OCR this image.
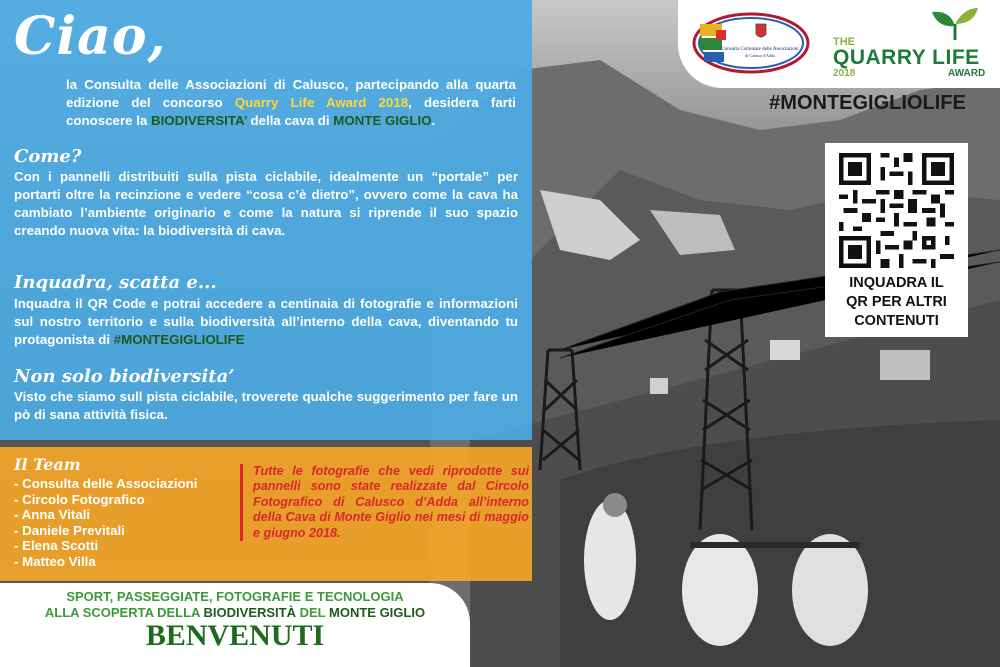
Ciao,
la Consulta delle Associazioni di Calusco, partecipando alla quarta edizione del concorso Quarry Life Award 2018, desidera farti conoscere la BIODIVERSITA’ della cava di MONTE GIGLIO.
Come?
Con i pannelli distribuiti sulla pista ciclabile, idealmente un “portale” per portarti oltre la recinzione e vedere “cosa c’è dietro”, ovvero come la cava ha cambiato l’ambiente originario e come la natura si riprende il suo spazio creando nuova vita: la biodiversità di cava.
Inquadra, scatta e...
Inquadra il QR Code e potrai accedere a centinaia di fotografie e informazioni sul nostro territorio e sulla biodiversità all’interno della cava, diventando tu protagonista di #MONTEGIGLIOLIFE
Non solo biodiversita’
Visto che siamo sull pista ciclabile, troverete qualche suggerimento per fare un pò di sana attività fisica.
Il Team
- Consulta delle Associazioni
- Circolo Fotografico
- Anna Vitali
- Daniele Previtali
- Elena Scotti
- Matteo Villa
Tutte le fotografie che vedi riprodotte sui pannelli sono state realizzate dal Circolo Fotografico di Calusco d’Adda all’interno della Cava di Monte Giglio nei mesi di maggio e giugno 2018.
SPORT, PASSEGGIATE, FOTOGRAFIE E TECNOLOGIA
ALLA SCOPERTA DELLA BIODIVERSITÀ DEL MONTE GIGLIO
BENVENUTI
Consulta Comunale delle Associazioni
di Calusco d'Adda
THE
QUARRY LIFE
2018	AWARD
#MONTEGIGLIOLIFE
INQUADRA IL
QR PER ALTRI
CONTENUTI
